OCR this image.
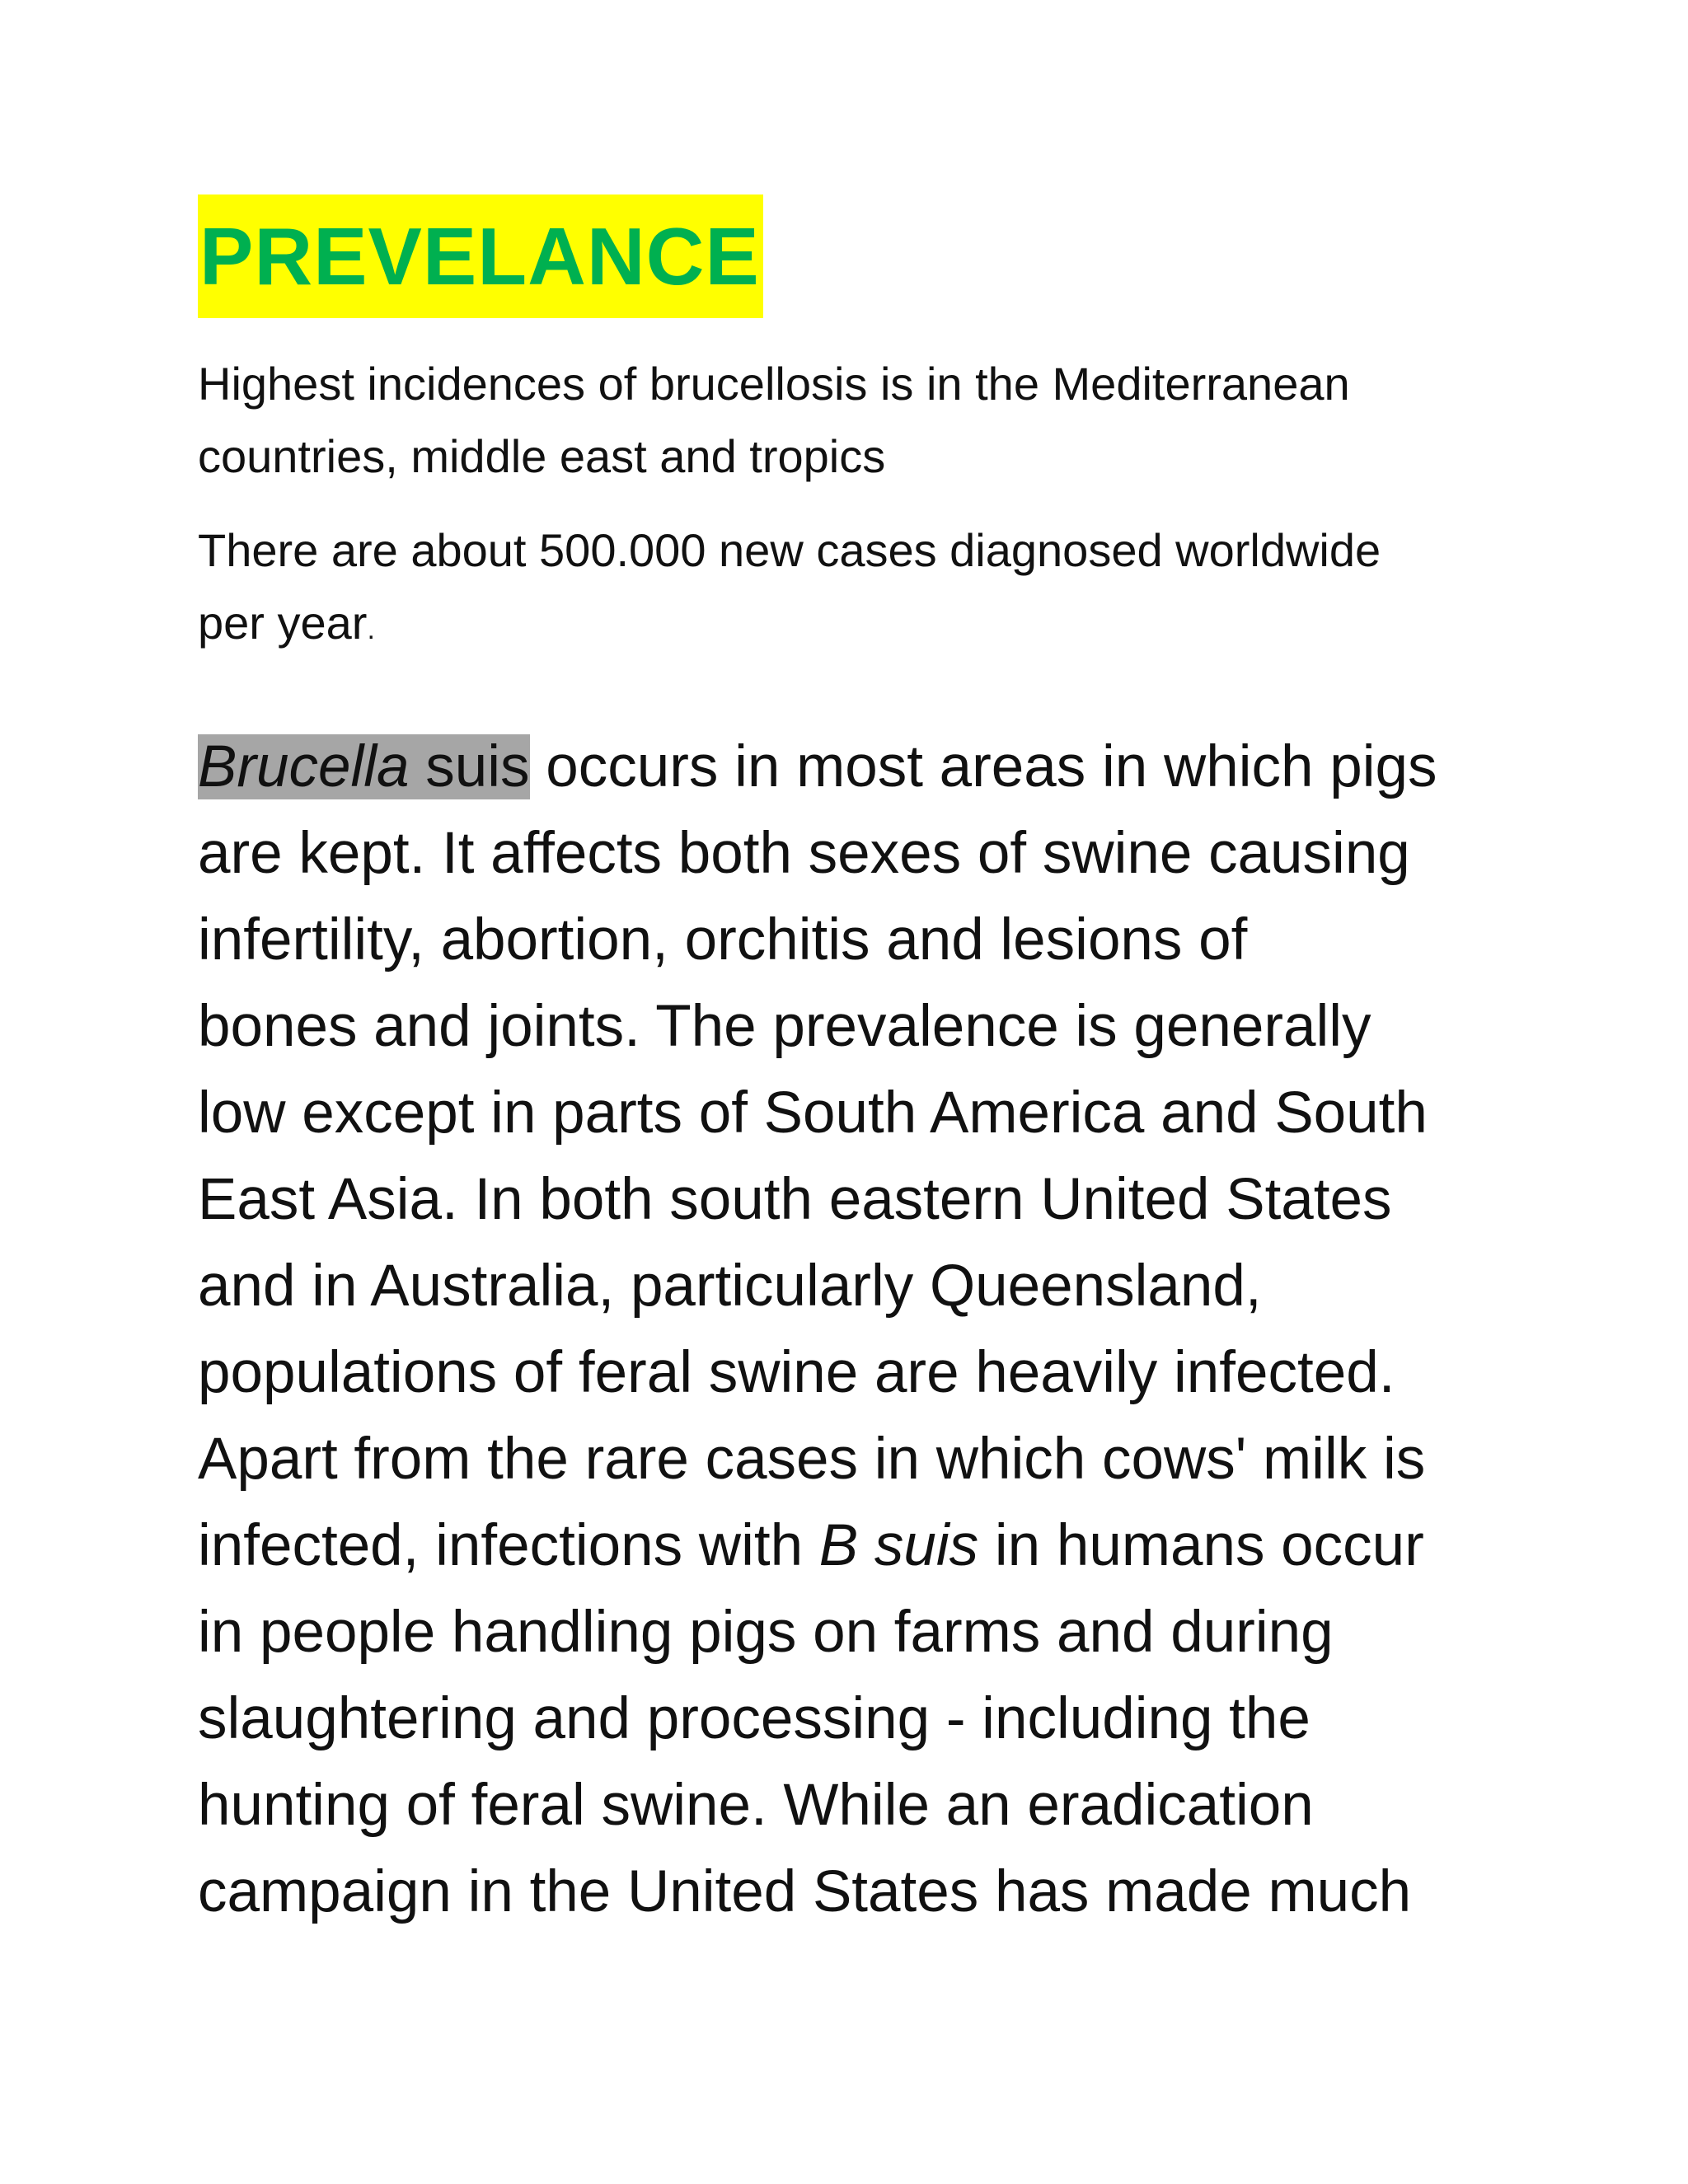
PREVELANCE

Highest incidences of brucellosis is in the Mediterranean
countries, middle east and tropics

There are about 500.000 new cases diagnosed worldwide
per year.

Brucella suis occurs in most areas in which pigs
are kept. It affects both sexes of swine causing
infertility, abortion, orchitis and lesions of
bones and joints. The prevalence is generally
low except in parts of South America and South
East Asia. In both south eastern United States
and in Australia, particularly Queensland,
populations of feral swine are heavily infected.
Apart from the rare cases in which cows' milk is
infected, infections with B suis in humans occur
in people handling pigs on farms and during
slaughtering and processing - including the
hunting of feral swine. While an eradication
campaign in the United States has made much
